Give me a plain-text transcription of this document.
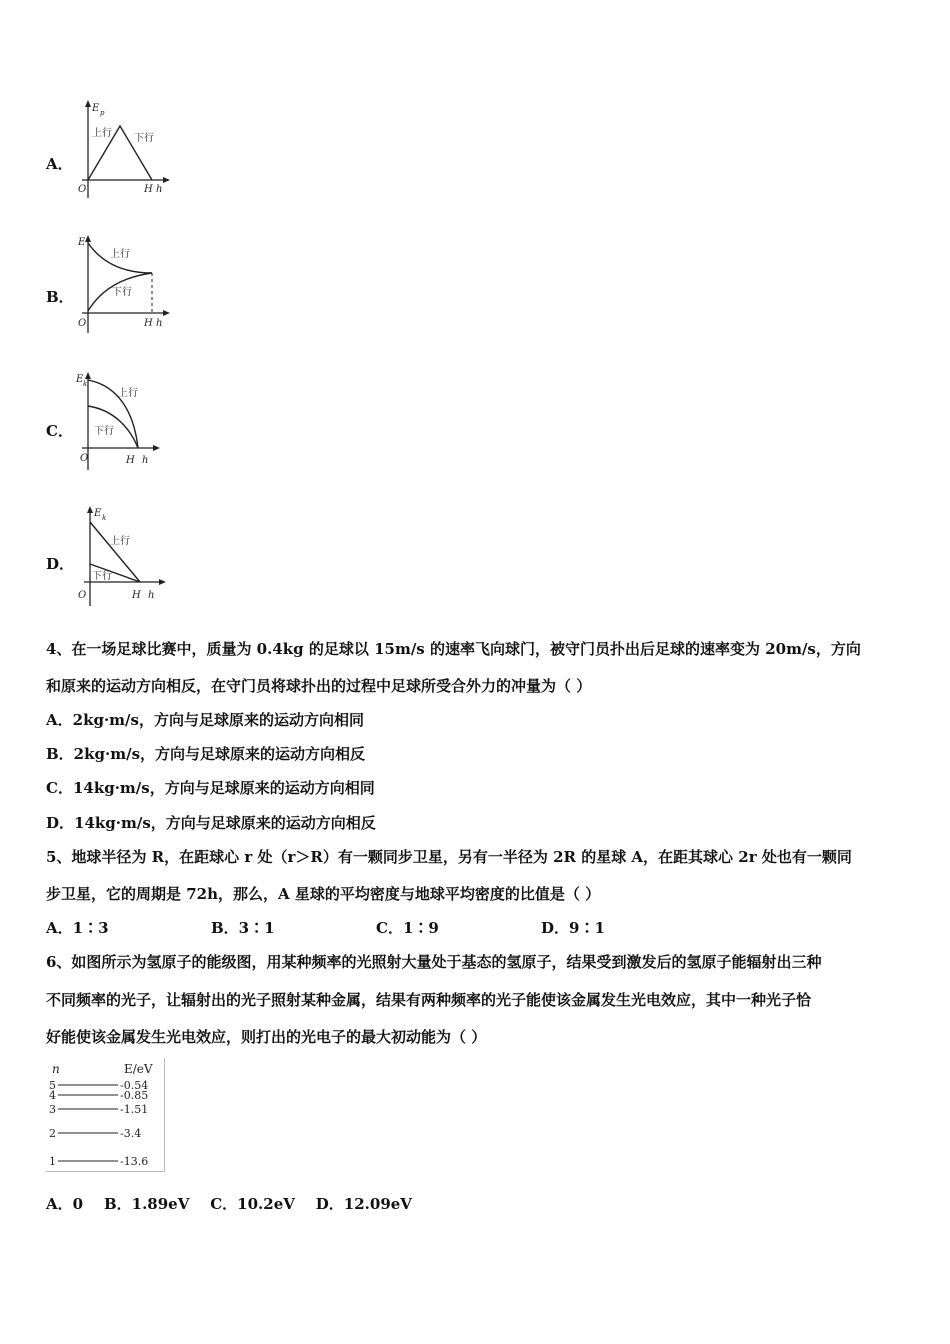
A．
E p
上行 下行
O	H h
B．
E
上行
下行
O	H h
C．
E k
上行
下行
O	H h
D．
E k
上行
下行
O	H h
4、在一场足球比赛中，质量为 0.4kg 的足球以 15m/s 的速率飞向球门，被守门员扑出后足球的速率变为 20m/s，方向
和原来的运动方向相反，在守门员将球扑出的过程中足球所受合外力的冲量为（ ）
A．2kg·m/s，方向与足球原来的运动方向相同
B．2kg·m/s，方向与足球原来的运动方向相反
C．14kg·m/s，方向与足球原来的运动方向相同
D．14kg·m/s，方向与足球原来的运动方向相反
5、地球半径为 R，在距球心 r 处（r＞R）有一颗同步卫星，另有一半径为 2R 的星球 A，在距其球心 2r 处也有一颗同
步卫星，它的周期是 72h，那么，A 星球的平均密度与地球平均密度的比值是（ ）
A．1∶3	B．3∶1	C．1∶9	D．9∶1
6、如图所示为氢原子的能级图，用某种频率的光照射大量处于基态的氢原子，结果受到激发后的氢原子能辐射出三种
不同频率的光子，让辐射出的光子照射某种金属，结果有两种频率的光子能使该金属发生光电效应，其中一种光子恰
好能使该金属发生光电效应，则打出的光电子的最大初动能为（ ）
n	E/eV
5	-0.54
4	-0.85
3	-1.51
2	-3.4
1	-13.6
A．0    B．1.89eV    C．10.2eV    D．12.09eV
